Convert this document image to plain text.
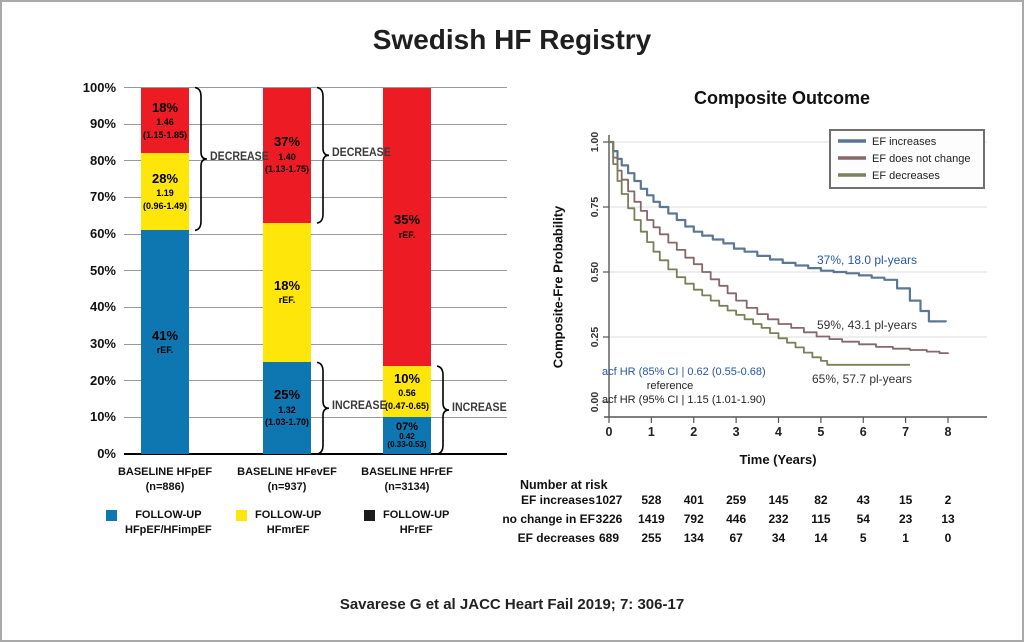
Swedish HF Registry
100%
90%
80%
70%
60%
50%
40%
30%
20%
10%
0%
41%
rEF.
28%
1.19
(0.96-1.49)
18%
1.46
(1.15-1.85)
BASELINE HFpEF
(n=886)
25%
1.32
(1.03-1.70)
18%
rEF.
37%
1.40
(1.13-1.75)
BASELINE HFevEF
(n=937)
07%
0.42
(0.33-0.53)
10%
0.56
(0.47-0.65)
35%
rEF.
BASELINE HFrEF
(n=3134)
DECREASE	DECREASE
INCREASE	INCREASE
FOLLOW-UP
HFpEF/HFimpEF
FOLLOW-UP
HFmrEF
FOLLOW-UP
HFrEF
Composite Outcome
Composite-Fre Probability
0.00
0.25
0.50
0.75
1.00
0	1	2	3	4	5	6	7	8
Time (Years)
EF increases
EF does not change
EF decreases
37%, 18.0 pl-years
59%, 43.1 pl-years
65%, 57.7 pl-years
acf HR (85% CI | 0.62 (0.55-0.68)
reference
acf HR (95% CI | 1.15 (1.01-1.90)
Number at risk
EF increases 1027	528	401	259	145	82	43	15	2
no change in EF 3226	1419	792	446	232	115	54	23	13
EF decreases 689	255	134	67	34	14	5	1	0
Savarese G et al JACC Heart Fail 2019; 7: 306-17
